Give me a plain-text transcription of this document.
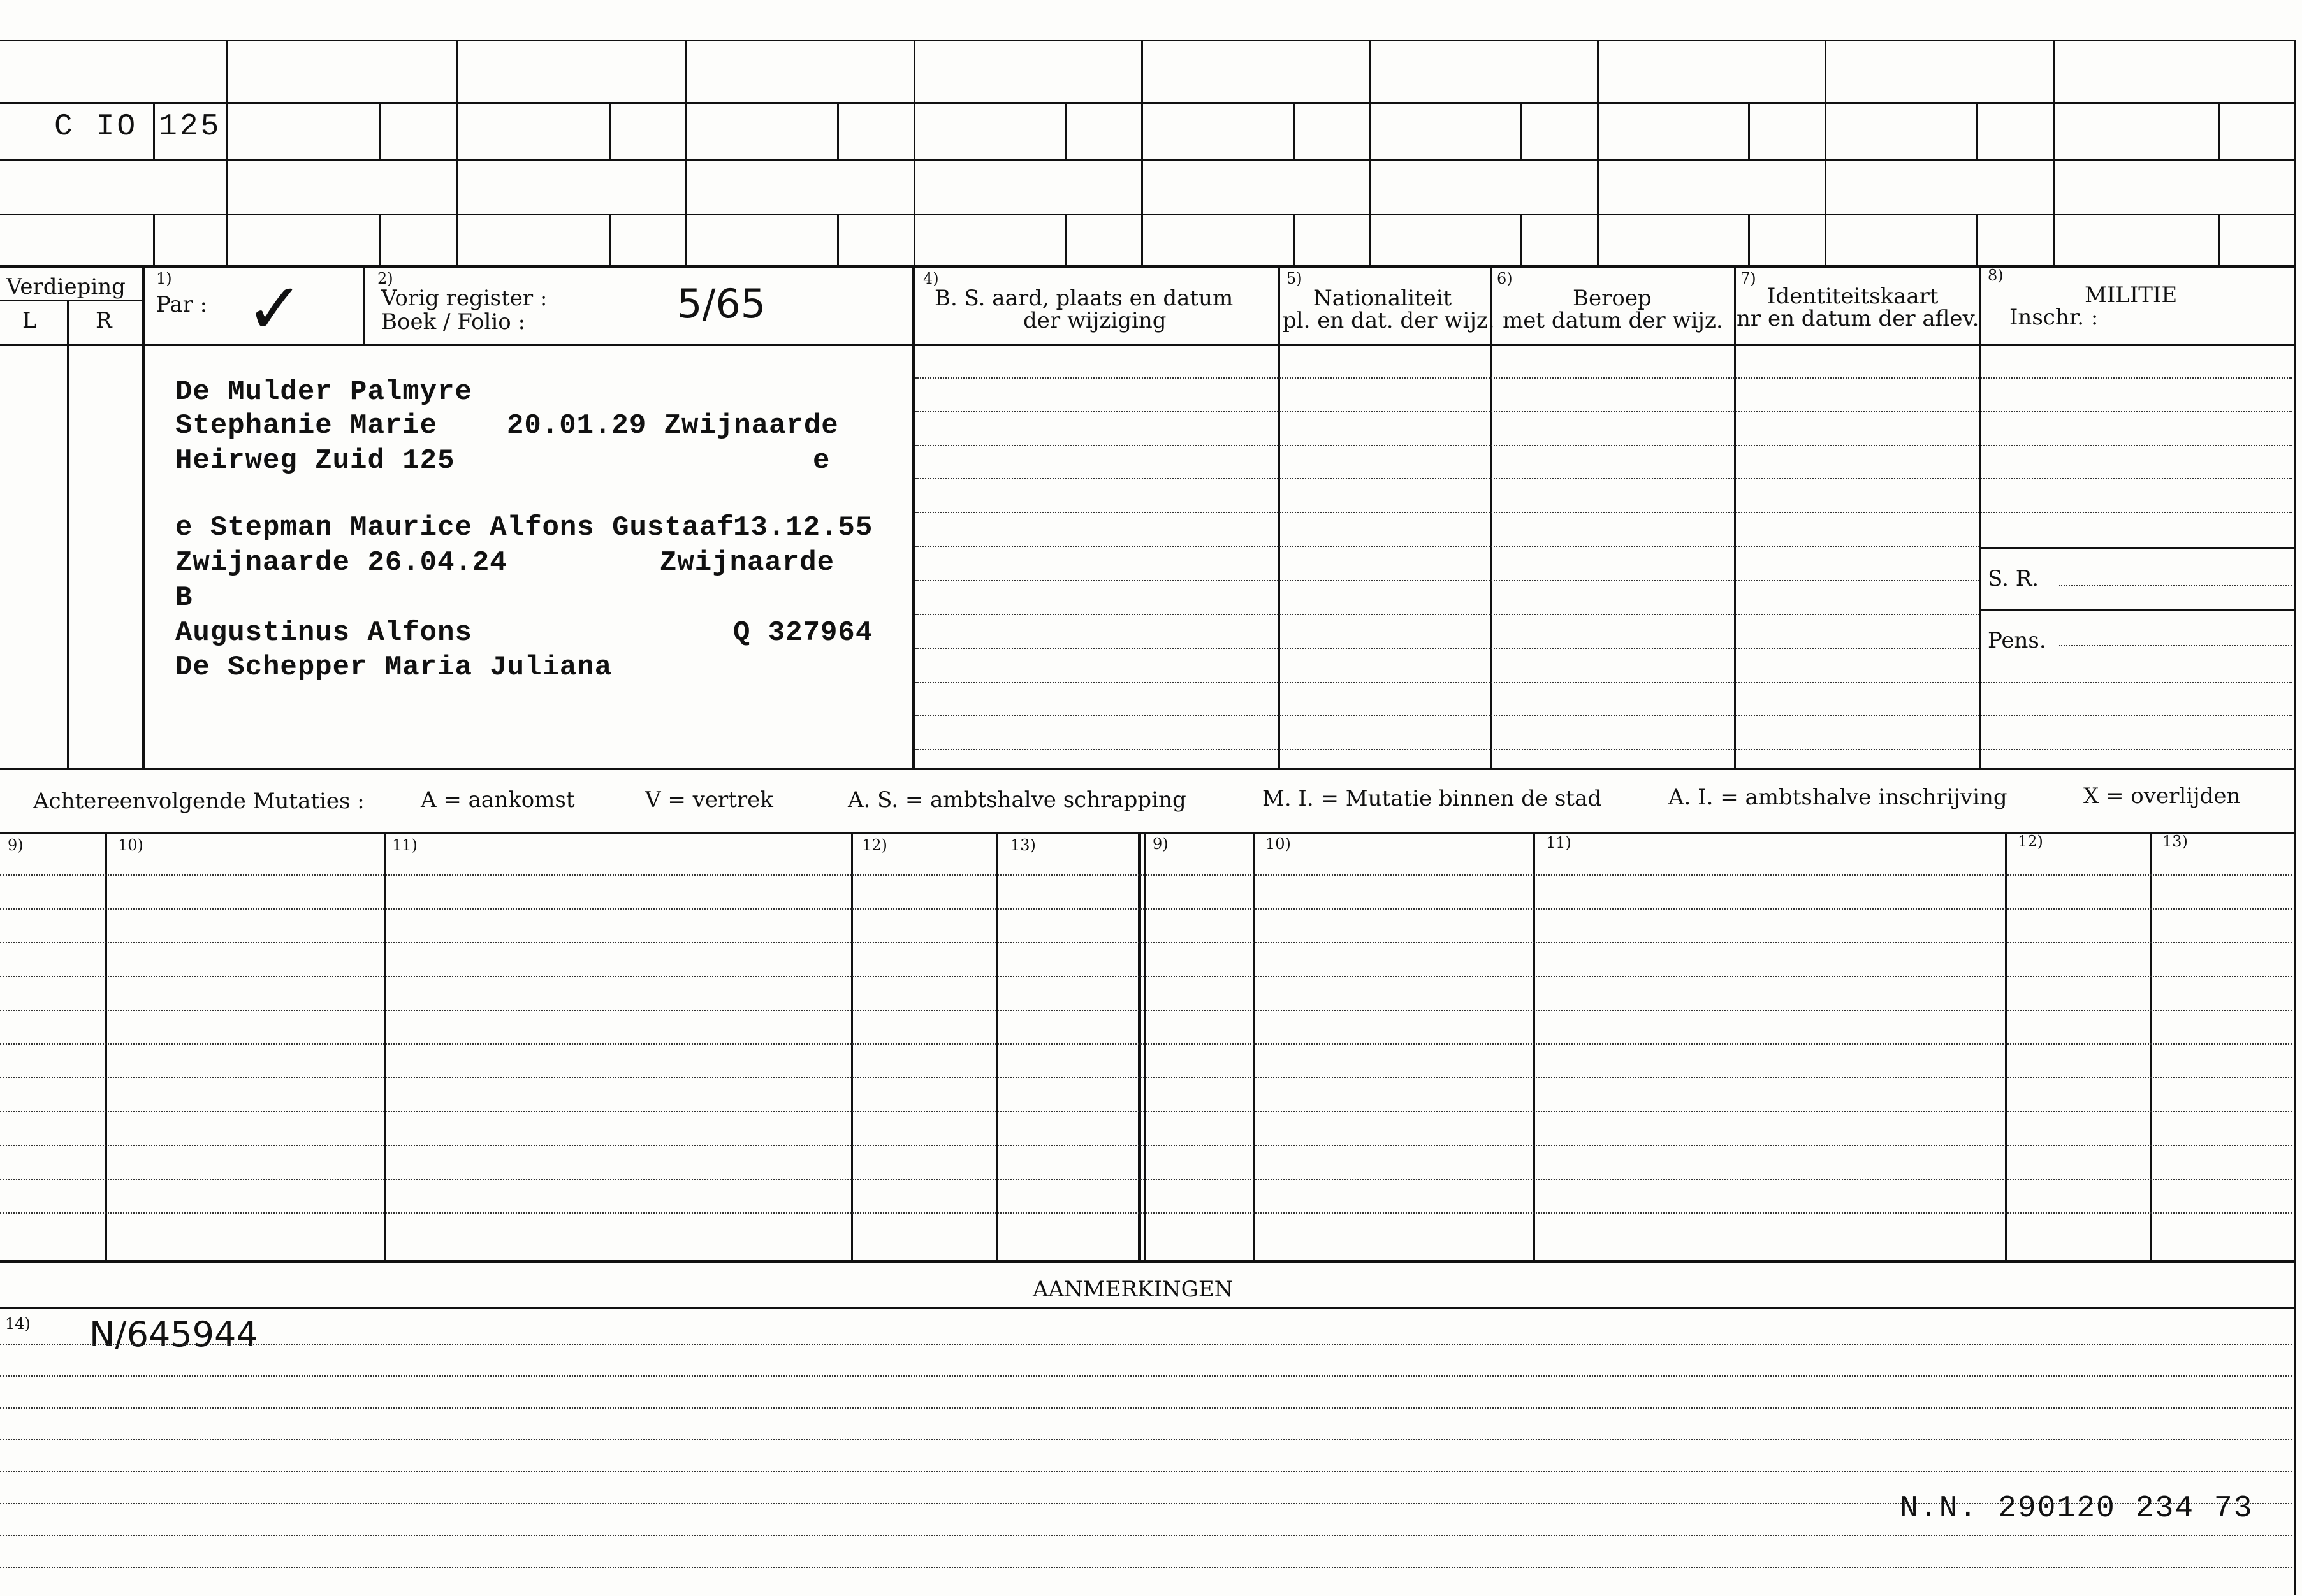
C IO 125
Verdieping
L	R
1)
Par : ✓	2)
Vorig register :
Boek / Folio :	5/65
4)
B. S. aard, plaats en datum
der wijziging
5)
Nationaliteit
pl. en dat. der wijz.
6)
Beroep
met datum der wijz.
7)
Identiteitskaart
nr en datum der aflev.
8)
MILITIE
Inschr. :
S. R.
Pens.
De Mulder Palmyre
Stephanie Marie 20.01.29 Zwijnaarde
Heirweg Zuid 125	e
e Stepman Maurice Alfons Gustaaf
13.12.55
Zwijnaarde 26.04.24	Zwijnaarde
B
Augustinus Alfons	Q 327964
De Schepper Maria Juliana
Achtereenvolgende Mutaties :	A = aankomst	V = vertrek	A. S. = ambtshalve schrapping	M. I. = Mutatie binnen de stad	A. I. = ambtshalve inschrijving	X = overlijden
9)	10)	11)	12)	13)	9)	10)	11)	12)	13)
AANMERKINGEN
14) N/645944
N.N. 290120 234 73
